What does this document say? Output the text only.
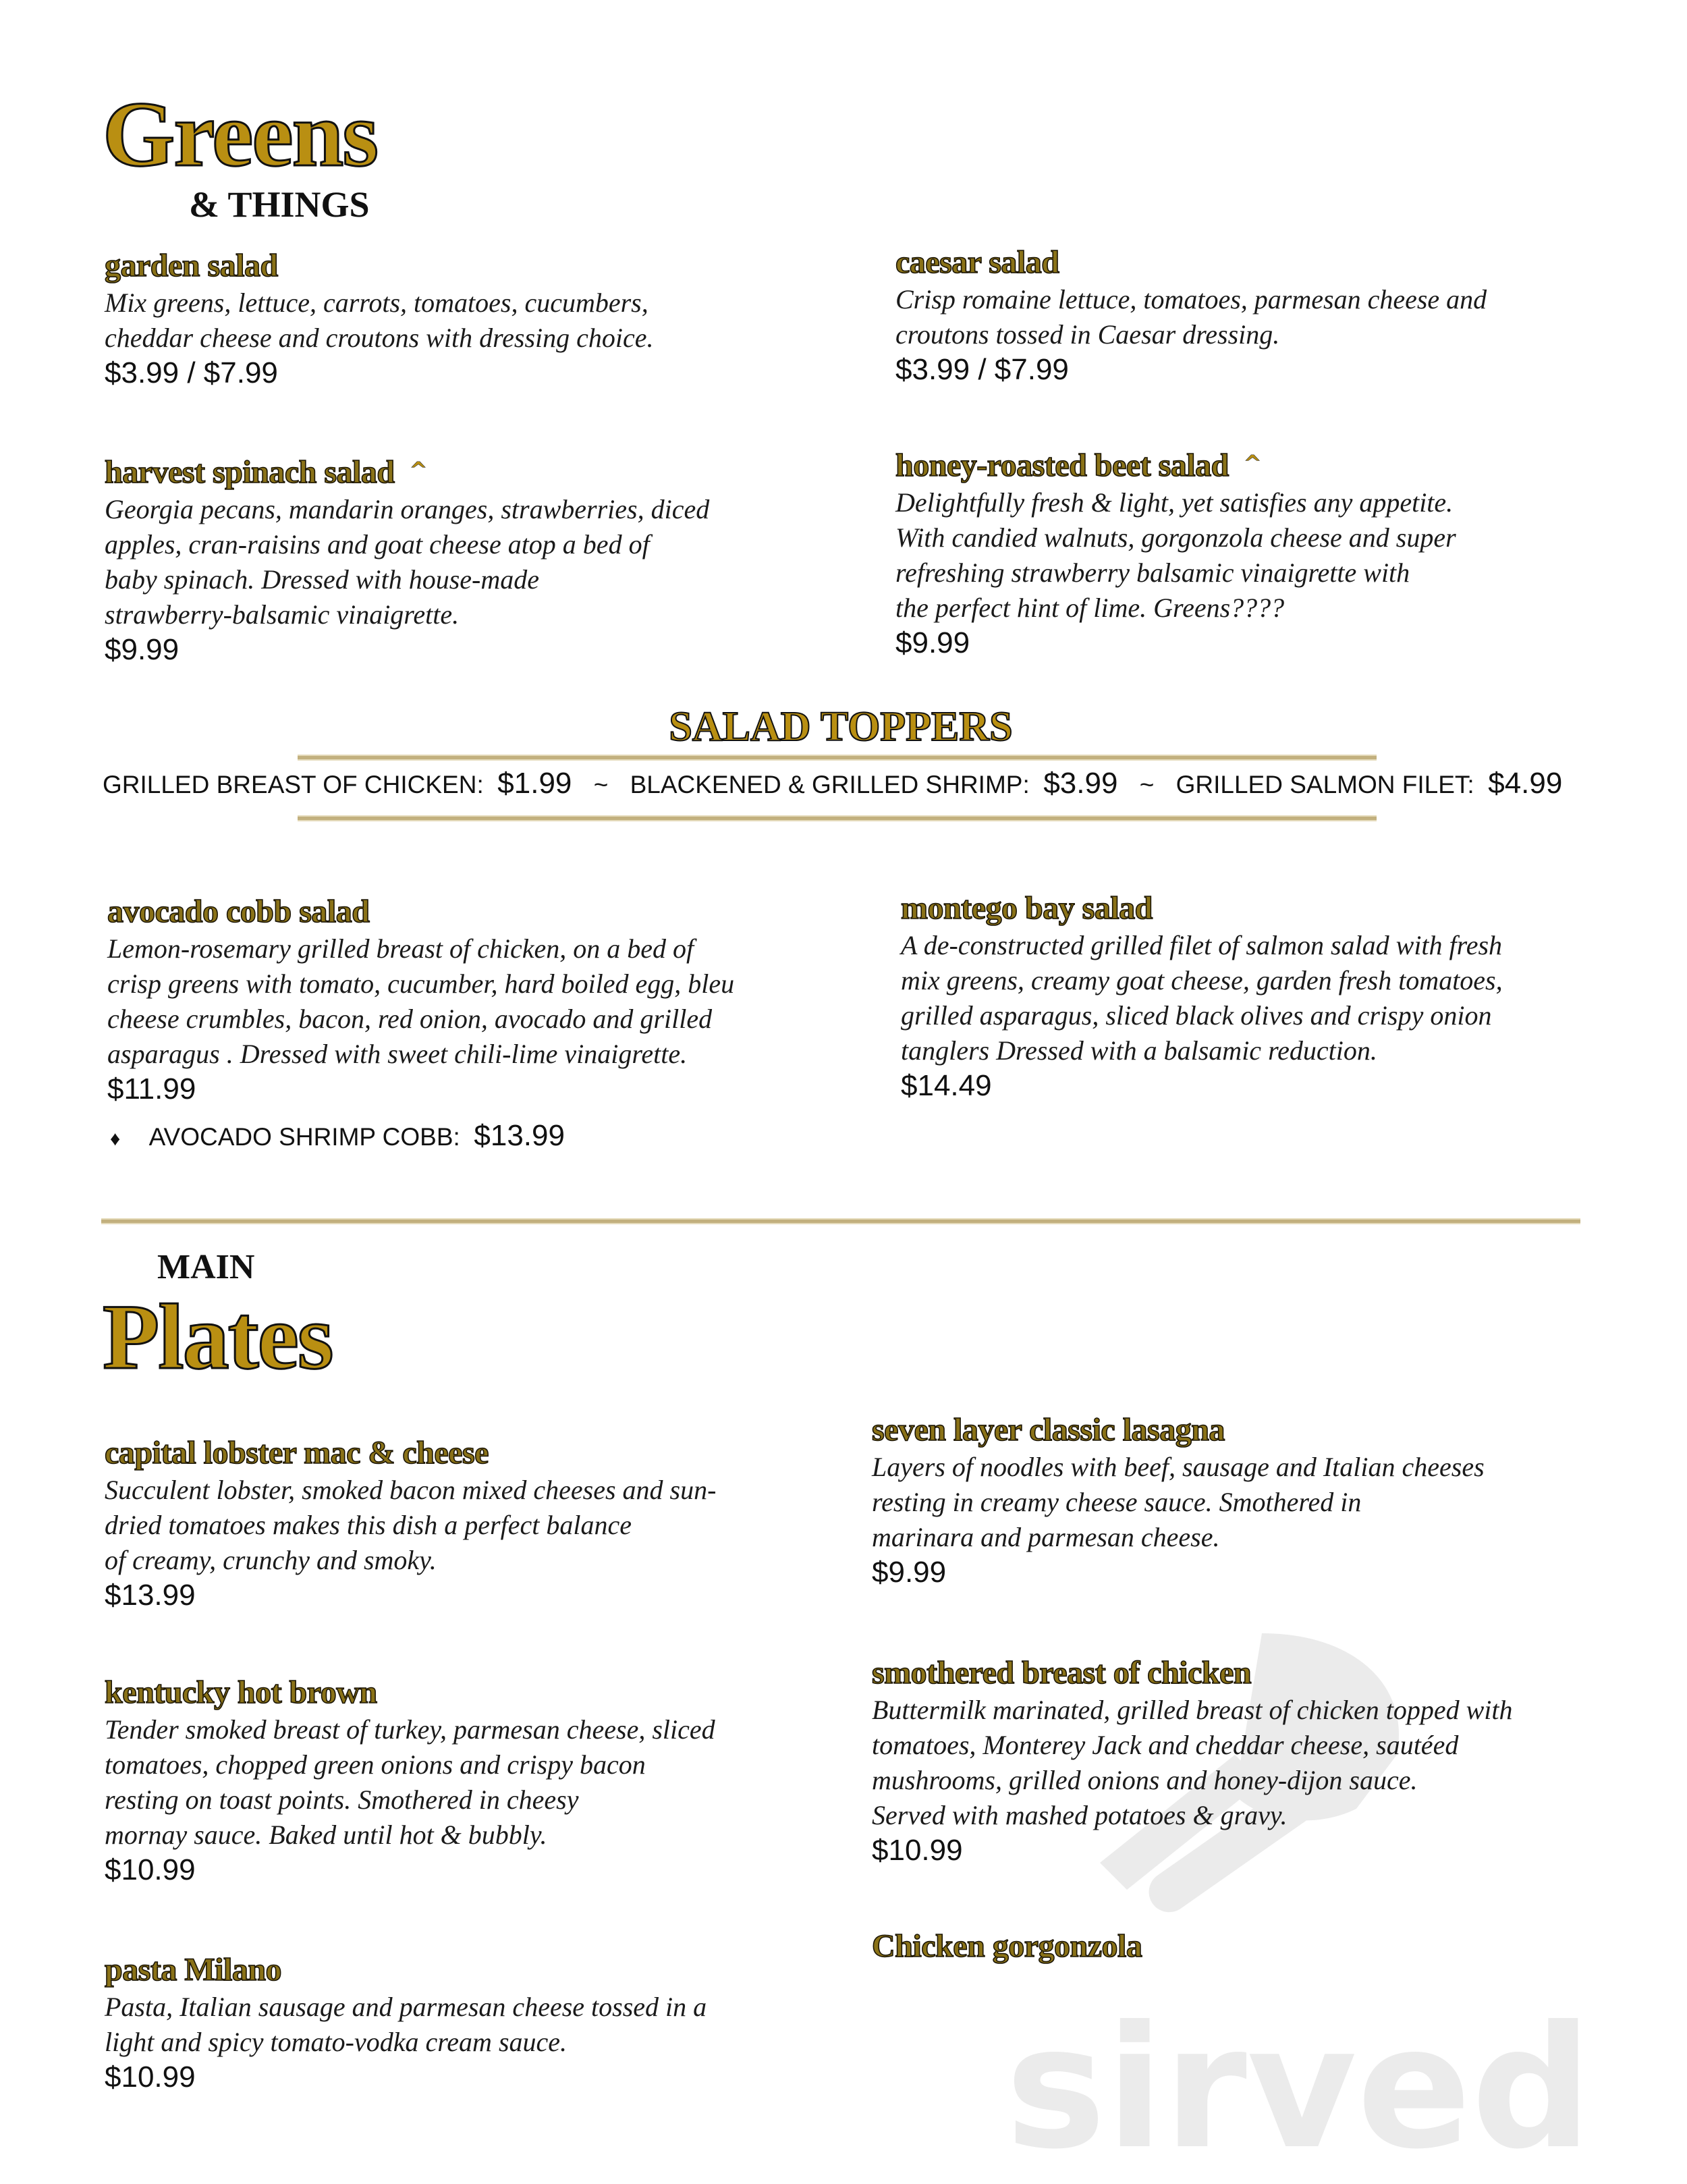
sirved
Greens
& THINGS
garden salad
Mix greens, lettuce, carrots, tomatoes, cucumbers,
cheddar cheese and croutons with dressing choice.
$3.99 / $7.99
caesar salad
Crisp romaine lettuce, tomatoes, parmesan cheese and
croutons tossed in Caesar dressing.
$3.99 / $7.99
harvest spinach salad ^
Georgia pecans, mandarin oranges, strawberries, diced
apples, cran-raisins and goat cheese atop a bed of
baby spinach. Dressed with house-made
strawberry-balsamic vinaigrette.
$9.99
honey-roasted beet salad ^
Delightfully fresh & light, yet satisfies any appetite.
With candied walnuts, gorgonzola cheese and super
refreshing strawberry balsamic vinaigrette with
the perfect hint of lime. Greens????
$9.99
avocado cobb salad
Lemon-rosemary grilled breast of chicken, on a bed of
crisp greens with tomato, cucumber, hard boiled egg, bleu
cheese crumbles, bacon, red onion, avocado and grilled
asparagus . Dressed with sweet chili-lime vinaigrette.
$11.99
montego bay salad
A de-constructed grilled filet of salmon salad with fresh
mix greens, creamy goat cheese, garden fresh tomatoes,
grilled asparagus, sliced black olives and crispy onion
tanglers Dressed with a balsamic reduction.
$14.49
SALAD TOPPERS
GRILLED BREAST OF CHICKEN: $1.99 ~ BLACKENED & GRILLED SHRIMP: $3.99 ~ GRILLED SALMON FILET: $4.99
♦ AVOCADO SHRIMP COBB: $13.99
MAIN
Plates
capital lobster mac & cheese
Succulent lobster, smoked bacon mixed cheeses and sun-
dried tomatoes makes this dish a perfect balance
of creamy, crunchy and smoky.
$13.99
seven layer classic lasagna
Layers of noodles with beef, sausage and Italian cheeses
resting in creamy cheese sauce. Smothered in
marinara and parmesan cheese.
$9.99
kentucky hot brown
Tender smoked breast of turkey, parmesan cheese, sliced
tomatoes, chopped green onions and crispy bacon
resting on toast points. Smothered in cheesy
mornay sauce. Baked until hot & bubbly.
$10.99
smothered breast of chicken
Buttermilk marinated, grilled breast of chicken topped with
tomatoes, Monterey Jack and cheddar cheese, sautéed
mushrooms, grilled onions and honey-dijon sauce.
Served with mashed potatoes & gravy.
$10.99
pasta Milano
Pasta, Italian sausage and parmesan cheese tossed in a
light and spicy tomato-vodka cream sauce.
$10.99
Chicken gorgonzola
